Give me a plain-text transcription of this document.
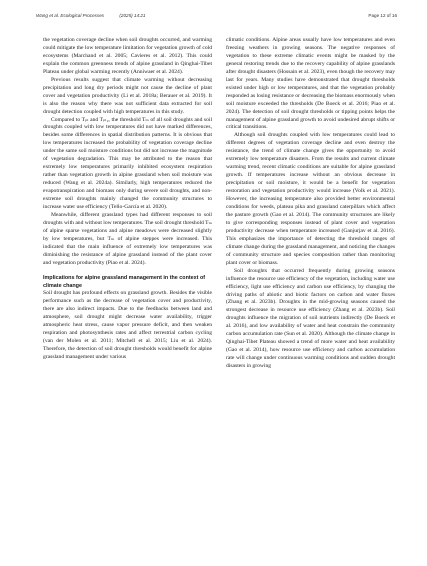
Wang et al. Ecological Processes	(2025) 14:21	Page 12 of 16

the vegetation coverage decline when soil droughts occurred, and warming could mitigate the low temperature limitation for vegetation growth of cold ecosystems (Marchand et al. 2005; Cavieres et al. 2012). This could explain the common greenness trends of alpine grassland in Qinghai-Tibet Plateau under global warming recently (Anniwaer et al. 2024).

Previous results suggest that climate warming without decreasing precipitation and long dry periods might not cause the decline of plant cover and vegetation productivity (Li et al. 2018a; Berauer et al. 2019). It is also the reason why there was not sufficient data extracted for soil drought detection coupled with high temperatures in this study.

Compared to Tₚₗ and Tₚₗ₂, the threshold Tₘ of all soil droughts and soil droughts coupled with low temperatures did not have marked differences, besides some differences in spatial distribution patterns. It is obvious that low temperatures increased the probability of vegetation coverage decline under the same soil moisture conditions but did not increase the magnitude of vegetation degradation. This may be attributed to the reason that extremely low temperatures primarily inhibited ecosystem respiration rather than vegetation growth in alpine grassland when soil moisture was reduced (Wang et al. 2024a). Similarly, high temperatures reduced the evapotranspiration and biomass only during severe soil droughts, and non-extreme soil droughts mainly changed the community structures to increase water use efficiency (Tello-García et al. 2020).

Meanwhile, different grassland types had different responses to soil droughts with and without low temperatures. The soil drought threshold Tₘ of alpine sparse vegetations and alpine meadows were decreased slightly by low temperatures, but Tₘ of alpine steppes were increased. This indicated that the main influence of extremely low temperatures was diminishing the resistance of alpine grassland instead of the plant cover and vegetation productivity (Piao et al. 2024).

Implications for alpine grassland management in the context of climate change

Soil drought has profound effects on grassland growth. Besides the visible performance such as the decrease of vegetation cover and productivity, there are also indirect impacts. Due to the feedbacks between land and atmosphere, soil drought might decrease water availability, trigger atmospheric heat stress, cause vapor pressure deficit, and then weaken respiration and photosynthesis rates and affect terrestrial carbon cycling (van der Molen et al. 2011; Mitchell et al. 2015; Liu et al. 2024). Therefore, the detection of soil drought thresholds would benefit for alpine grassland management under various

climatic conditions. Alpine areas usually have low temperatures and even freezing weathers in growing seasons. The negative responses of vegetation to these extreme climatic events might be masked by the general restoring trends due to the recovery capability of alpine grasslands after drought disasters (Hossain et al. 2023), even though the recovery may last for years. Many studies have demonstrated that drought thresholds existed under high or low temperatures, and that the vegetation probably responded as losing resistance or decreasing the biomass enormously when soil moisture exceeded the thresholds (De Boeck et al. 2016; Piao et al. 2024). The detection of soil drought thresholds or tipping points helps the management of alpine grassland growth to avoid undesired abrupt shifts or critical transitions.

Although soil droughts coupled with low temperatures could lead to different degrees of vegetation coverage decline and even destroy the resistance, the trend of climate change gives the opportunity to avoid extremely low temperature disasters. From the results and current climate warming trend, recent climatic conditions are suitable for alpine grassland growth. If temperatures increase without an obvious decrease in precipitation or soil moisture, it would be a benefit for vegetation restoration and vegetation productivity would increase (Volk et al. 2021). However, the increasing temperature also provided better environmental conditions for weeds, plateau pika and grassland caterpillars which affect the pasture growth (Gao et al. 2014). The community structures are likely to give corresponding responses instead of plant cover and vegetation productivity decrease when temperature increased (Ganjurjav et al. 2016). This emphasizes the importance of detecting the threshold ranges of climate change during the grassland management, and noticing the changes of community structure and species composition rather than monitoring plant cover or biomass.

Soil droughts that occurred frequently during growing seasons influence the resource use efficiency of the vegetation, including water use efficiency, light use efficiency and carbon use efficiency, by changing the driving paths of abiotic and biotic factors on carbon and water fluxes (Zhang et al. 2023b). Droughts in the mid-growing seasons caused the strongest decrease in resource use efficiency (Zhang et al. 2023b). Soil droughts influence the migration of soil nutrients indirectly (De Boeck et al. 2016), and low availability of water and heat constrain the community carbon accumulation rate (Sun et al. 2020). Although the climate change in Qinghai-Tibet Plateau showed a trend of more water and heat availability (Gao et al. 2014), how resource use efficiency and carbon accumulation rate will change under continuous warming conditions and sudden drought disasters in growing
